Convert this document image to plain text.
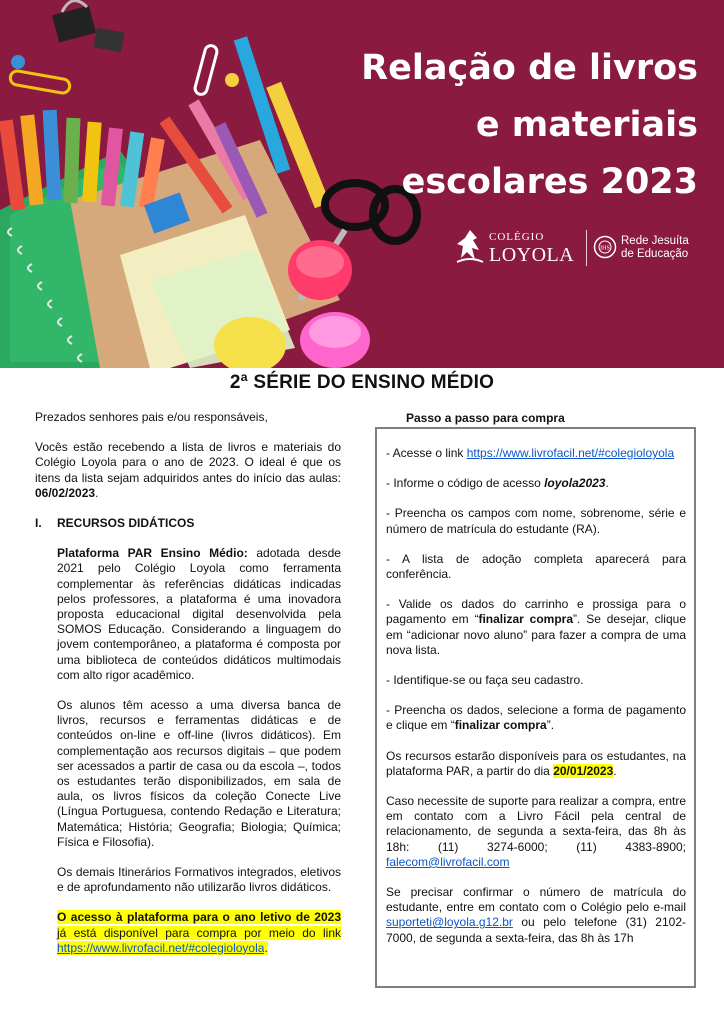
Relação de livros
e materiais
escolares 2023
COLÉGIO
LOYOLA	IHS
Rede Jesuíta
de Educação
2ª SÉRIE DO ENSINO MÉDIO

Prezados senhores pais e/ou responsáveis,

Vocês estão recebendo a lista de livros e materiais do Colégio Loyola para o ano de 2023. O ideal é que os itens da lista sejam adquiridos antes do início das aulas: 06/02/2023.

I. RECURSOS DIDÁTICOS

Plataforma PAR Ensino Médio: adotada desde 2021 pelo Colégio Loyola como ferramenta complementar às referências didáticas indicadas pelos professores, a plataforma é uma inovadora proposta educacional digital desenvolvida pela SOMOS Educação. Considerando a linguagem do jovem contemporâneo, a plataforma é composta por uma biblioteca de conteúdos didáticos multimodais com alto rigor acadêmico.

Os alunos têm acesso a uma diversa banca de livros, recursos e ferramentas didáticas e de conteúdos on-line e off-line (livros didáticos). Em complementação aos recursos digitais – que podem ser acessados a partir de casa ou da escola –, todos os estudantes terão disponibilizados, em sala de aula, os livros físicos da coleção Conecte Live (Língua Portuguesa, contendo Redação e Literatura; Matemática; História; Geografia; Biologia; Química; Física e Filosofia).

Os demais Itinerários Formativos integrados, eletivos e de aprofundamento não utilizarão livros didáticos.

O acesso à plataforma para o ano letivo de 2023 já está disponível para compra por meio do link https://www.livrofacil.net/#colegioloyola.

Passo a passo para compra

- Acesse o link https://www.livrofacil.net/#colegioloyola

- Informe o código de acesso loyola2023.

- Preencha os campos com nome, sobrenome, série e número de matrícula do estudante (RA).

- A lista de adoção completa aparecerá para conferência.

- Valide os dados do carrinho e prossiga para o pagamento em “finalizar compra”. Se desejar, clique em “adicionar novo aluno” para fazer a compra de uma nova lista.

- Identifique-se ou faça seu cadastro.

- Preencha os dados, selecione a forma de pagamento e clique em “finalizar compra”.

Os recursos estarão disponíveis para os estudantes, na plataforma PAR, a partir do dia 20/01/2023.

Caso necessite de suporte para realizar a compra, entre em contato com a Livro Fácil pela central de relacionamento, de segunda a sexta-feira, das 8h às 18h: (11) 3274-6000; (11) 4383-8900; falecom@livrofacil.com

Se precisar confirmar o número de matrícula do estudante, entre em contato com o Colégio pelo e-mail suporteti@loyola.g12.br ou pelo telefone (31) 2102-7000, de segunda a sexta-feira, das 8h às 17h
